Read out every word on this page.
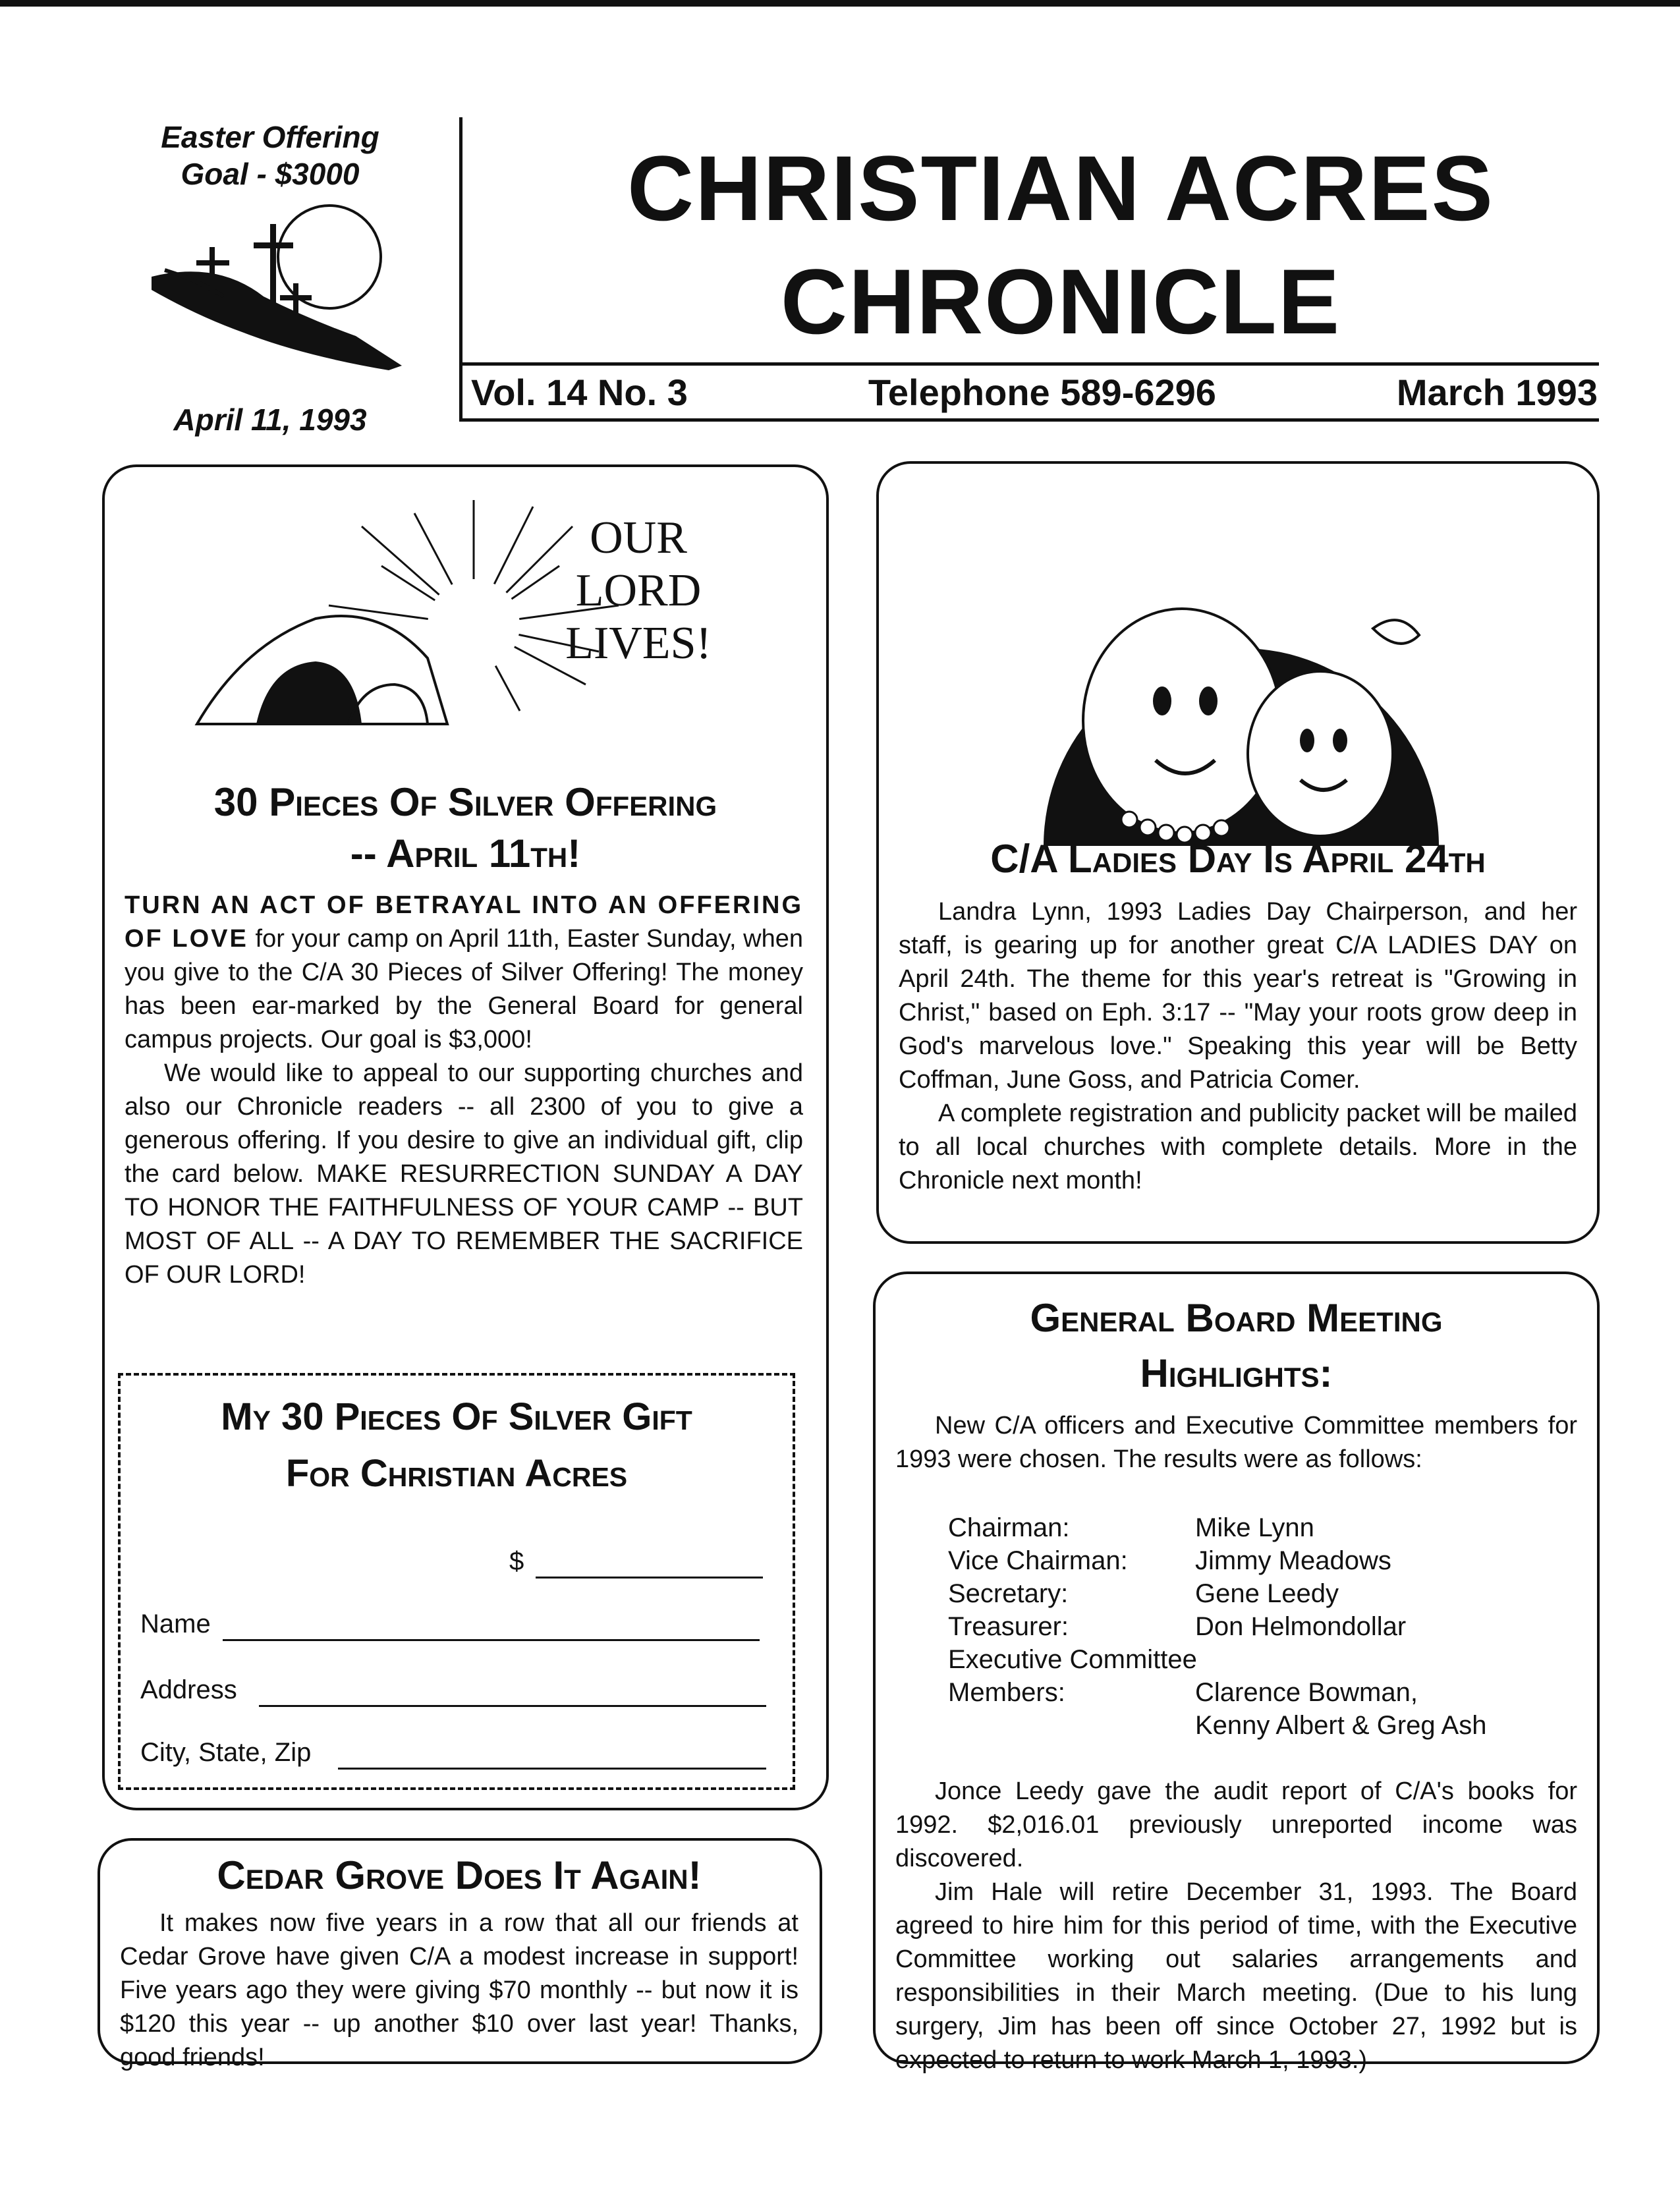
Easter Offering
Goal - $3000
April 11, 1993
CHRISTIAN ACRES
CHRONICLE
Vol. 14 No. 3	Telephone 589-6296	March 1993
OUR
LORD
LIVES!
30 Pieces Of Silver Offering
-- April 11th!

TURN AN ACT OF BETRAYAL INTO AN OFFERING OF LOVE for your camp on April 11th, Easter Sunday, when you give to the C/A 30 Pieces of Silver Offering! The money has been ear-marked by the General Board for general campus projects. Our goal is $3,000!

We would like to appeal to our supporting churches and also our Chronicle readers -- all 2300 of you to give a generous offering. If you desire to give an individual gift, clip the card below. MAKE RESURRECTION SUNDAY A DAY TO HONOR THE FAITHFULNESS OF YOUR CAMP -- BUT MOST OF ALL -- A DAY TO REMEMBER THE SACRIFICE OF OUR LORD!

My 30 Pieces Of Silver Gift
For Christian Acres
$
Name
Address
City, State, Zip
C/A Ladies Day Is April 24th

Landra Lynn, 1993 Ladies Day Chairperson, and her staff, is gearing up for another great C/A LADIES DAY on April 24th. The theme for this year's retreat is "Growing in Christ," based on Eph. 3:17 -- "May your roots grow deep in God's marvelous love." Speaking this year will be Betty Coffman, June Goss, and Patricia Comer.

A complete registration and publicity packet will be mailed to all local churches with complete details. More in the Chronicle next month!

General Board Meeting
Highlights:

New C/A officers and Executive Committee members for 1993 were chosen. The results were as follows:

Chairman:	Mike Lynn
Vice Chairman:	Jimmy Meadows
Secretary:	Gene Leedy
Treasurer:	Don Helmondollar
Executive Committee	
Members:	Clarence Bowman,
	Kenny Albert & Greg Ash

Jonce Leedy gave the audit report of C/A's books for 1992. $2,016.01 previously unreported income was discovered.

Jim Hale will retire December 31, 1993. The Board agreed to hire him for this period of time, with the Executive Committee working out salaries arrangements and responsibilities in their March meeting. (Due to his lung surgery, Jim has been off since October 27, 1992 but is expected to return to work March 1, 1993.)

Cedar Grove Does It Again!

It makes now five years in a row that all our friends at Cedar Grove have given C/A a modest increase in support! Five years ago they were giving $70 monthly -- but now it is $120 this year -- up another $10 over last year! Thanks, good friends!
